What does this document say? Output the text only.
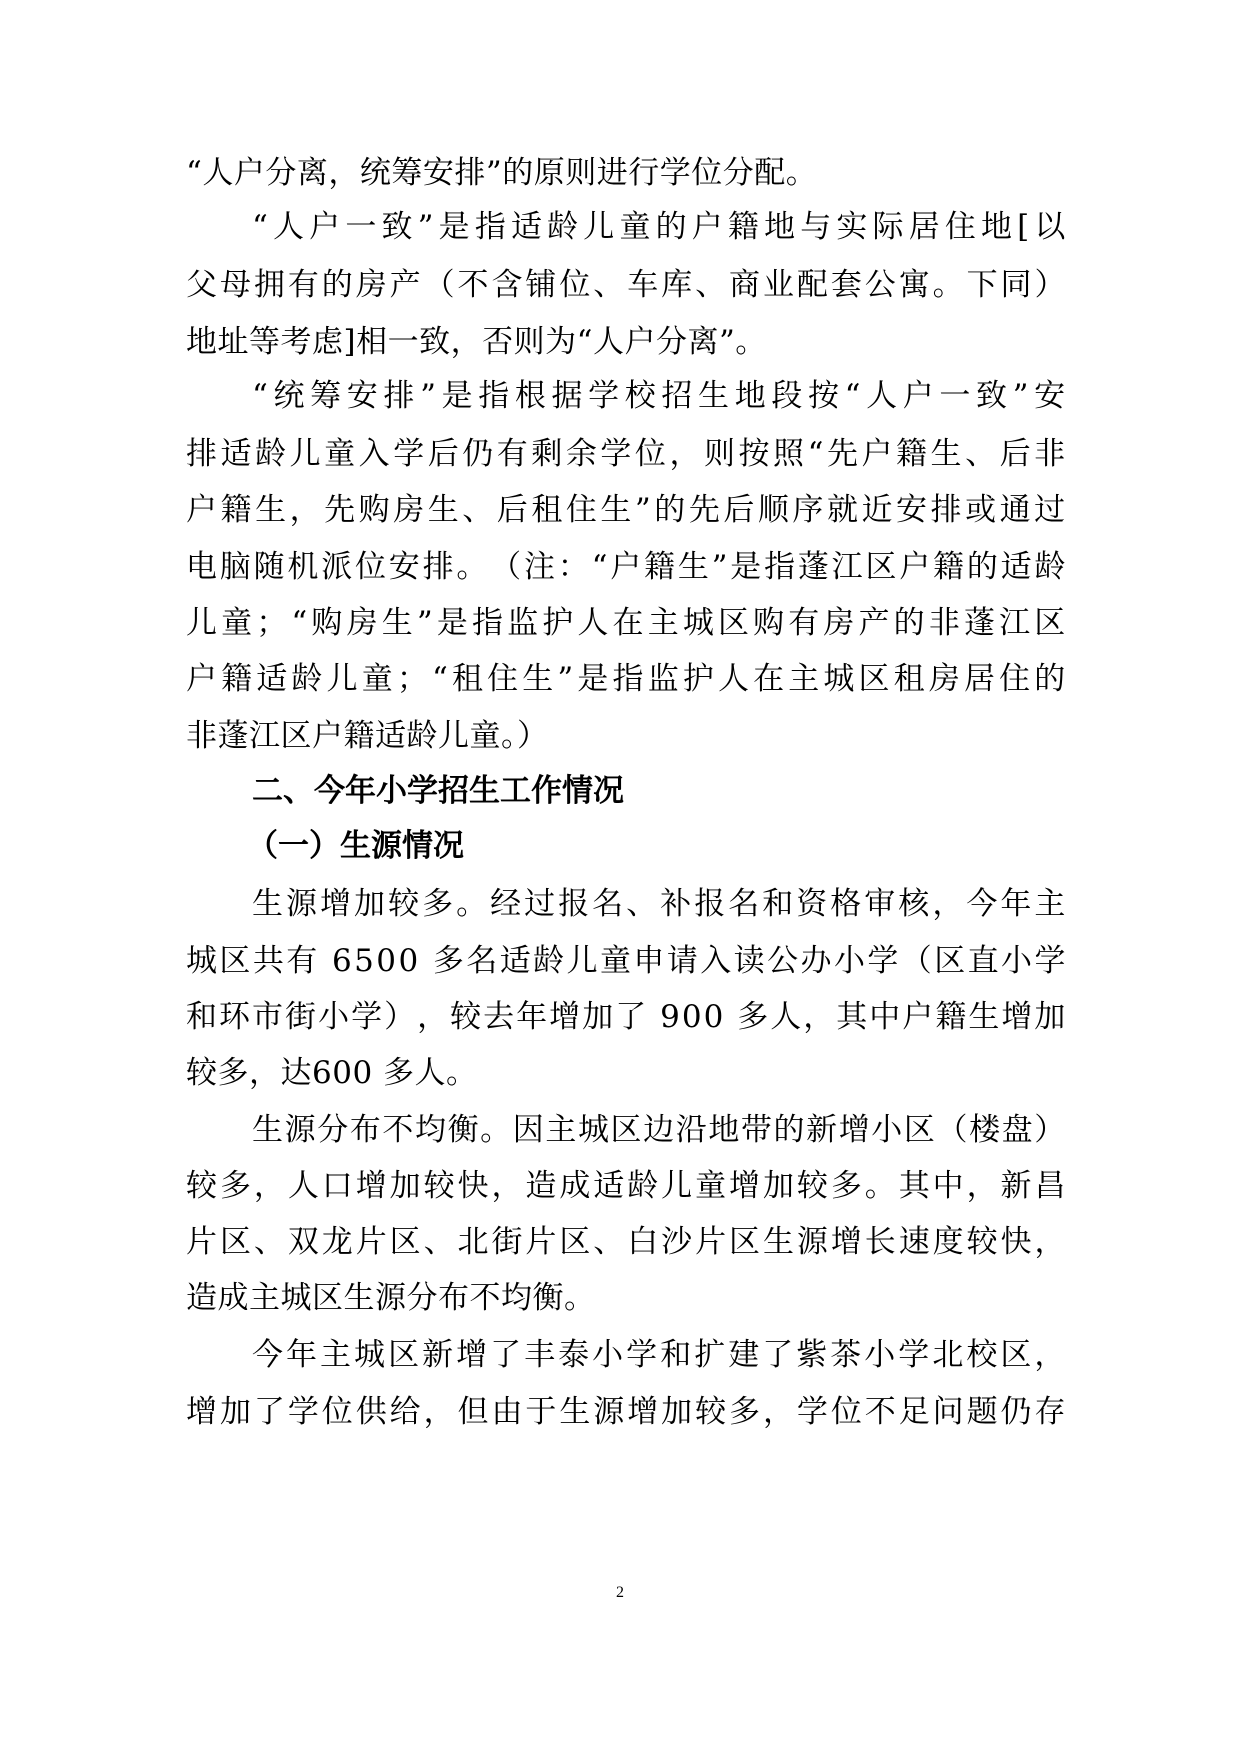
“人户分离，统筹安排”的原则进行学位分配。
“ 人 户 一 致 ” 是 指 适 龄 儿 童 的 户 籍 地 与 实 际 居 住 地 [ 以
父 母 拥 有 的 房 产 （ 不 含 铺 位 、 车 库 、 商 业 配 套 公 寓 。 下 同 ）
地址等考虑]相一致，否则为“人户分离”。
“ 统 筹 安 排 ” 是 指 根 据 学 校 招 生 地 段 按 “ 人 户 一 致 ” 安
排 适 龄 儿 童 入 学 后 仍 有 剩 余 学 位 ， 则 按 照 “ 先 户 籍 生 、 后 非
户 籍 生 ， 先 购 房 生 、 后 租 住 生 ” 的 先 后 顺 序 就 近 安 排 或 通 过
电 脑 随 机 派 位 安 排 。 （ 注 ： “ 户 籍 生 ” 是 指 蓬 江 区 户 籍 的 适 龄
儿 童 ； “ 购 房 生 ” 是 指 监 护 人 在 主 城 区 购 有 房 产 的 非 蓬 江 区
户 籍 适 龄 儿 童 ； “ 租 住 生 ” 是 指 监 护 人 在 主 城 区 租 房 居 住 的
非蓬江区户籍适龄儿童。）
二、今年小学招生工作情况
（一）生源情况
生 源 增 加 较 多 。 经 过 报 名 、 补 报 名 和 资 格 审 核 ， 今 年 主
城 区 共 有
6 5 0 0
多 名 适 龄 儿 童 申 请 入 读 公 办 小 学 （ 区 直 小 学
和 环 市 街 小 学 ） ， 较 去 年 增 加 了
9 0 0
多 人 ， 其 中 户 籍 生 增 加
较多，达600 多人。
生 源 分 布 不 均 衡 。 因 主 城 区 边 沿 地 带 的 新 增 小 区 （ 楼 盘 ）
较 多 ， 人 口 增 加 较 快 ， 造 成 适 龄 儿 童 增 加 较 多 。 其 中 ， 新 昌
片 区 、 双 龙 片 区 、 北 街 片 区 、 白 沙 片 区 生 源 增 长 速 度 较 快 ，
造成主城区生源分布不均衡。
今 年 主 城 区 新 增 了 丰 泰 小 学 和 扩 建 了 紫 茶 小 学 北 校 区 ，
增 加 了 学 位 供 给 ， 但 由 于 生 源 增 加 较 多 ， 学 位 不 足 问 题 仍 存
2
